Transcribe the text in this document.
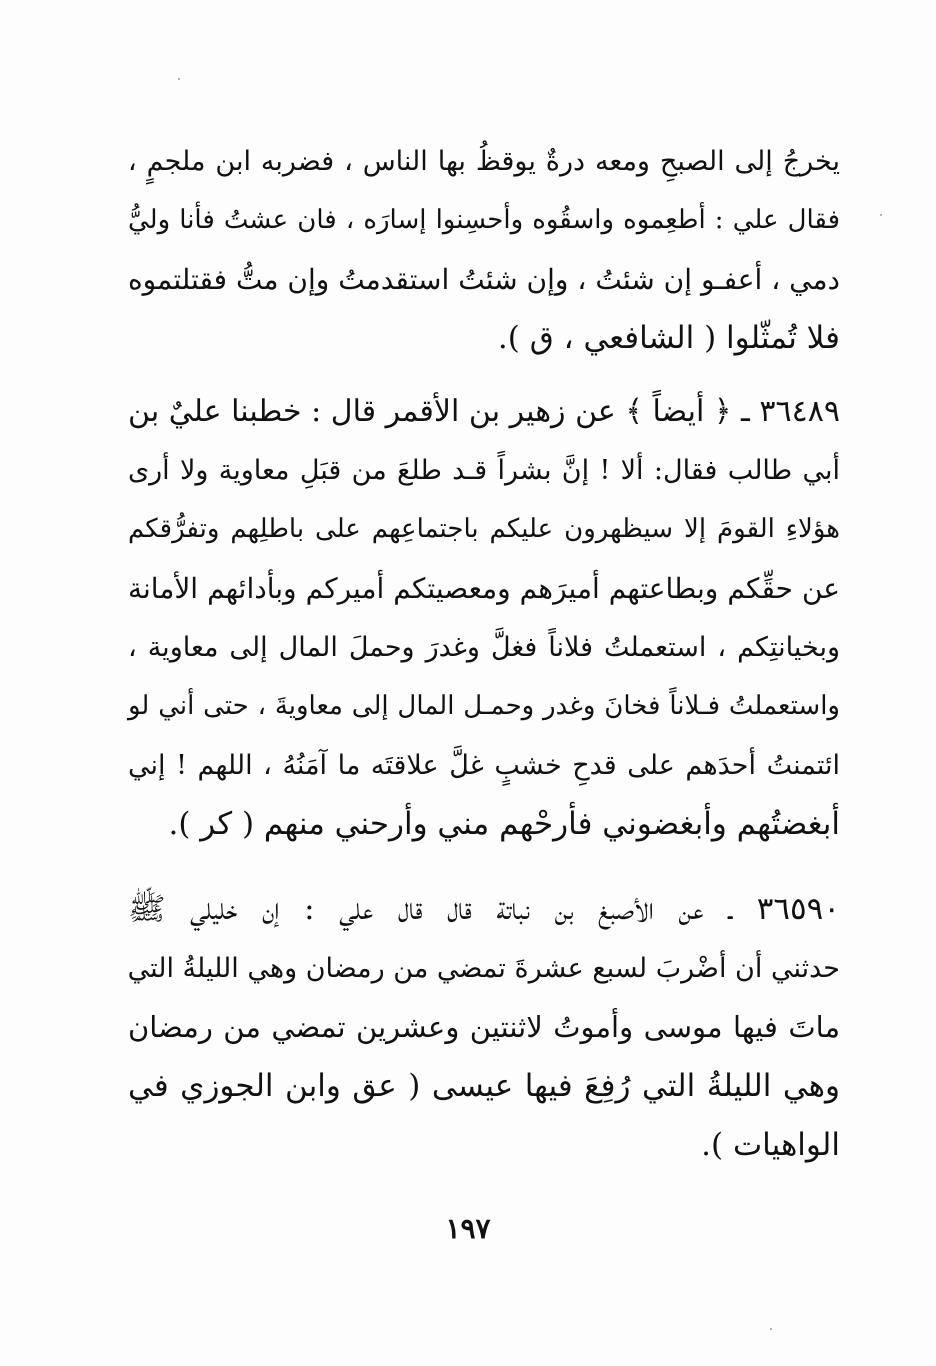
يخرجُ إلى الصبحِ ومعه درةٌ يوقظُ بها الناس ، فضربه ابن ملجمٍ ،
فقال علي : أطعِموه واسقُوه وأحسِنوا إسارَه ، فان عشتُ فأنا وليُّ
دمي ، أعفـو إن شئتُ ، وإن شئتُ استقدمتُ وإن متُّ فقتلتموه
فلا تُمثّلوا ( الشافعي ، ق ).
٣٦٤٨٩ ـ ﴿ أيضاً ﴾ عن زهير بن الأقمر قال : خطبنا عليٌ بن
أبي طالب فقال: ألا ! إنَّ بشراً قـد طلعَ من قبَلِ معاوية ولا أرى
هؤلاءِ القومَ إلا سيظهرون عليكم باجتماعِهم على باطلِهم وتفرُّقكم
عن حقِّكم وبطاعتهم أميرَهم ومعصيتكم أميركم وبأدائهم الأمانة
وبخيانتِكم ، استعملتُ فلاناً فغلَّ وغدرَ وحملَ المال إلى معاوية ،
واستعملتُ فـلاناً فخانَ وغدر وحمـل المال إلى معاويةَ ، حتى أني لو
ائتمنتُ أحدَهم على قدحِ خشبٍ غلَّ علاقتَه ما آمَنُهُ ، اللهم ! إني
أبغضتُهم وأبغضوني فأرحْهم مني وأرحني منهم ( كر ).
٣٦٥٩٠ ـ عن الأصبغ بن نباتة قال قال علي : إن خليلي ﷺ
حدثني أن أضْربَ لسبع عشرةَ تمضي من رمضان وهي الليلةُ التي
ماتَ فيها موسى وأموتُ لاثنتين وعشرين تمضي من رمضان
وهي الليلةُ التي رُفِعَ فيها عيسى ( عق وابن الجوزي في
الواهيات ).
١٩٧
